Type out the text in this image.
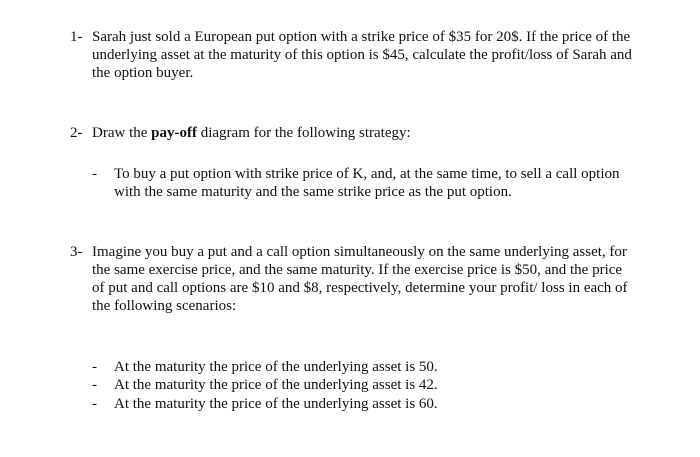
1- Sarah just sold a European put option with a strike price of $35 for 20$. If the price of the
underlying asset at the maturity of this option is $45, calculate the profit/loss of Sarah and
the option buyer.
2- Draw the pay-off diagram for the following strategy:
- To buy a put option with strike price of K, and, at the same time, to sell a call option
with the same maturity and the same strike price as the put option.
3- Imagine you buy a put and a call option simultaneously on the same underlying asset, for
the same exercise price, and the same maturity. If the exercise price is $50, and the price
of put and call options are $10 and $8, respectively, determine your profit/ loss in each of
the following scenarios:
- At the maturity the price of the underlying asset is 50.
- At the maturity the price of the underlying asset is 42.
- At the maturity the price of the underlying asset is 60.
